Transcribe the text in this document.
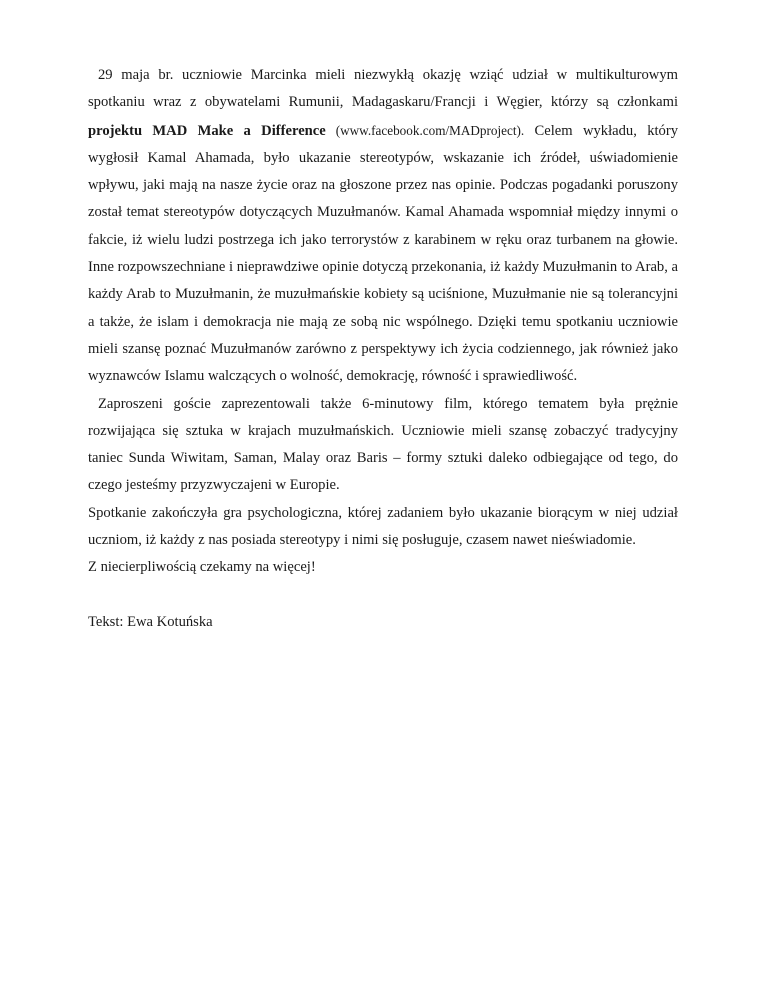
29 maja br. uczniowie Marcinka mieli niezwykłą okazję wziąć udział w multikulturowym spotkaniu wraz z obywatelami Rumunii, Madagaskaru/Francji i Węgier, którzy są członkami projektu MAD Make a Difference (www.facebook.com/MADproject). Celem wykładu, który wygłosił Kamal Ahamada, było ukazanie stereotypów, wskazanie ich źródeł, uświadomienie wpływu, jaki mają na nasze życie oraz na głoszone przez nas opinie. Podczas pogadanki poruszony został temat stereotypów dotyczących Muzułmanów. Kamal Ahamada wspomniał między innymi o fakcie, iż wielu ludzi postrzega ich jako terrorystów z karabinem w ręku oraz turbanem na głowie. Inne rozpowszechniane i nieprawdziwe opinie dotyczą przekonania, iż każdy Muzułmanin to Arab, a każdy Arab to Muzułmanin, że muzułmańskie kobiety są uciśnione, Muzułmanie nie są tolerancyjni a także, że islam i demokracja nie mają ze sobą nic wspólnego. Dzięki temu spotkaniu uczniowie mieli szansę poznać Muzułmanów zarówno z perspektywy ich życia codziennego, jak również jako wyznawców Islamu walczących o wolność, demokrację, równość i sprawiedliwość.

Zaproszeni goście zaprezentowali także 6-minutowy film, którego tematem była prężnie rozwijająca się sztuka w krajach muzułmańskich. Uczniowie mieli szansę zobaczyć tradycyjny taniec Sunda Wiwitam, Saman, Malay oraz Baris – formy sztuki daleko odbiegające od tego, do czego jesteśmy przyzwyczajeni w Europie.

Spotkanie zakończyła gra psychologiczna, której zadaniem było ukazanie biorącym w niej udział uczniom, iż każdy z nas posiada stereotypy i nimi się posługuje, czasem nawet nieświadomie.

Z niecierpliwością czekamy na więcej!

Tekst: Ewa Kotuńska
